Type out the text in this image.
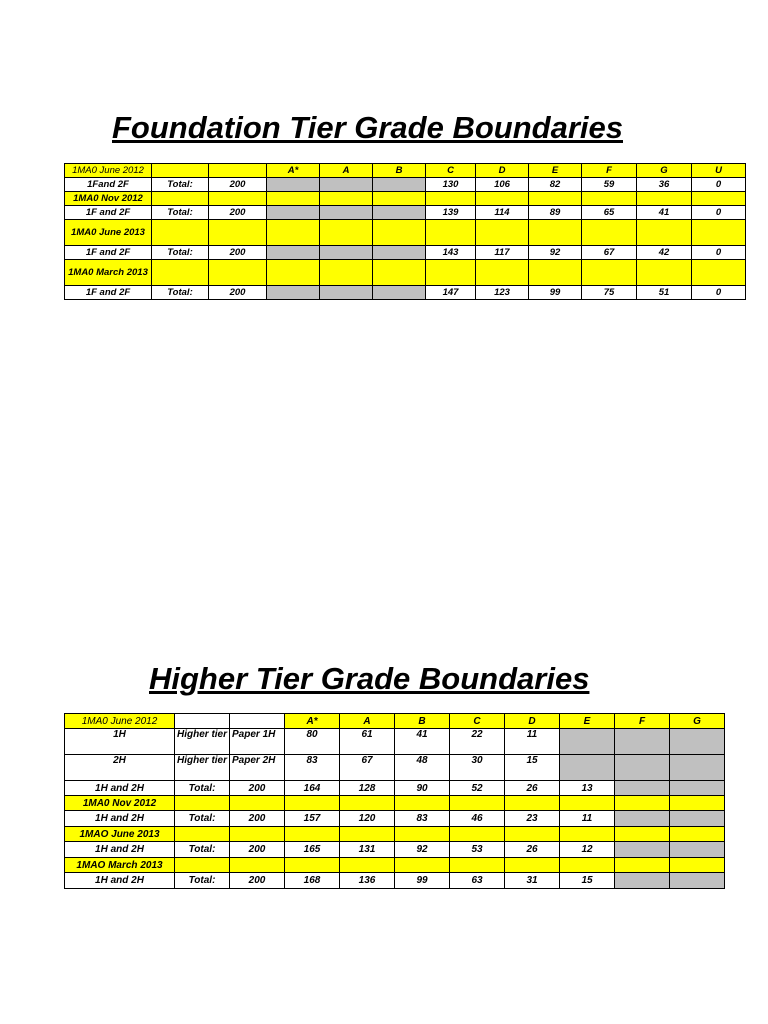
Foundation Tier Grade Boundaries
1MA0 June 2012			A*	A	B	C	D	E	F	G	U
1Fand 2F	Total:	200				130	106	82	59	36	0
1MA0 Nov 2012											
1F and 2F	Total:	200				139	114	89	65	41	0
1MA0 June 2013											
1F and 2F	Total:	200				143	117	92	67	42	0
1MA0 March 2013											
1F and 2F	Total:	200				147	123	99	75	51	0
Higher Tier Grade Boundaries
1MA0 June 2012			A*	A	B	C	D	E	F	G
1H	Higher tier	Paper 1H	80	61	41	22	11			
2H	Higher tier	Paper 2H	83	67	48	30	15			
1H and 2H	Total:	200	164	128	90	52	26	13		
1MA0 Nov 2012										
1H and 2H	Total:	200	157	120	83	46	23	11		
1MAO June 2013										
1H and 2H	Total:	200	165	131	92	53	26	12		
1MAO March 2013										
1H and 2H	Total:	200	168	136	99	63	31	15		
